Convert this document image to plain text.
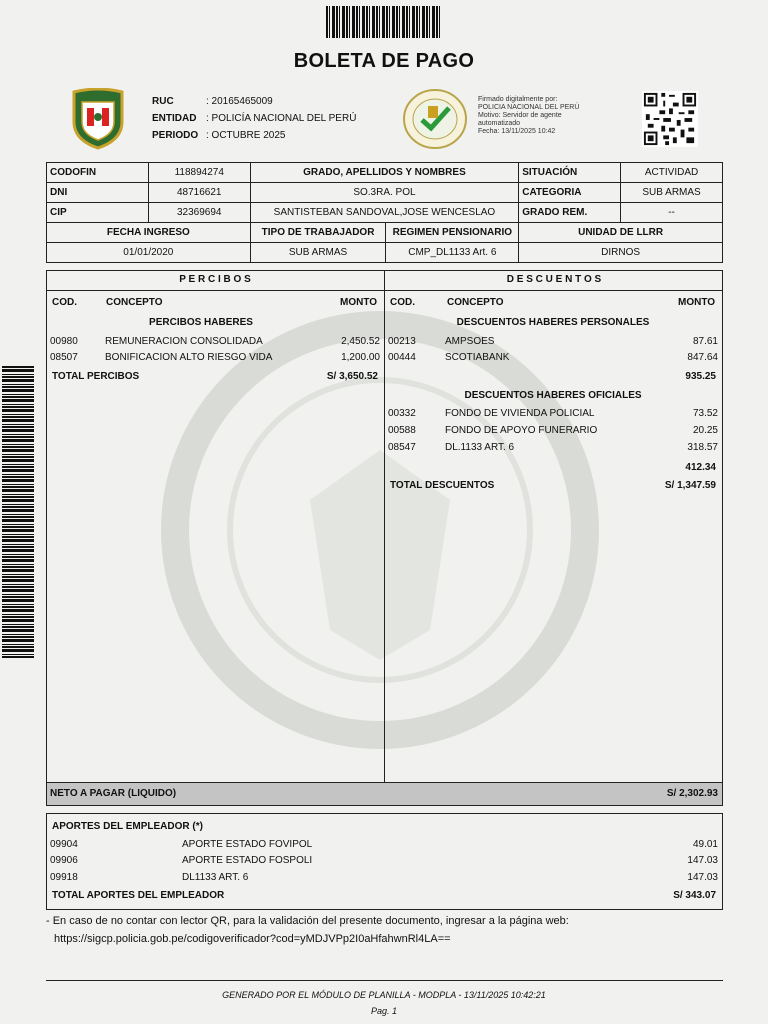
BOLETA DE PAGO
RUC	: 20165465009
ENTIDAD : POLICÍA NACIONAL DEL PERÚ
PERIODO : OCTUBRE 2025
Firmado digitalmente por:
POLICIA NACIONAL DEL PERÚ
Motivo: Servidor de agente
automatizado
Fecha: 13/11/2025 10:42
CODOFIN	118894274	GRADO, APELLIDOS Y NOMBRES		SITUACIÓN	ACTIVIDAD
DNI	48716621	SO.3RA. POL		CATEGORIA	SUB ARMAS
CIP	32369694	SANTISTEBAN SANDOVAL,JOSE WENCESLAO		GRADO REM.	--
FECHA INGRESO		TIPO DE TRABAJADOR	REGIMEN PENSIONARIO	UNIDAD DE LLRR	
01/01/2020		SUB ARMAS	CMP_DL1133 Art. 6	DIRNOS	
P E R C I B O S	D E S C U E N T O S
COD.	CONCEPTO	MONTO
PERCIBOS HABERES
00980	REMUNERACION CONSOLIDADA	2,450.52
08507	BONIFICACION ALTO RIESGO VIDA	1,200.00
TOTAL PERCIBOS	S/ 3,650.52
COD.	CONCEPTO	MONTO
DESCUENTOS HABERES PERSONALES
00213	AMPSOES	87.61
00444	SCOTIABANK	847.64
935.25
DESCUENTOS HABERES OFICIALES
00332	FONDO DE VIVIENDA POLICIAL	73.52
00588	FONDO DE APOYO FUNERARIO	20.25
08547	DL.1133 ART. 6	318.57
412.34
TOTAL DESCUENTOS	S/ 1,347.59
NETO A PAGAR (LIQUIDO)	S/ 2,302.93
APORTES DEL EMPLEADOR (*)
09904	APORTE ESTADO FOVIPOL	49.01
09906	APORTE ESTADO FOSPOLI	147.03
09918	DL1133 ART. 6	147.03
TOTAL APORTES DEL EMPLEADOR	S/ 343.07
- En caso de no contar con lector QR, para la validación del presente documento, ingresar a la página web:
https://sigcp.policia.gob.pe/codigoverificador?cod=yMDJVPp2I0aHfahwnRl4LA==
GENERADO POR EL MÓDULO DE PLANILLA - MODPLA - 13/11/2025 10:42:21
Pag. 1
